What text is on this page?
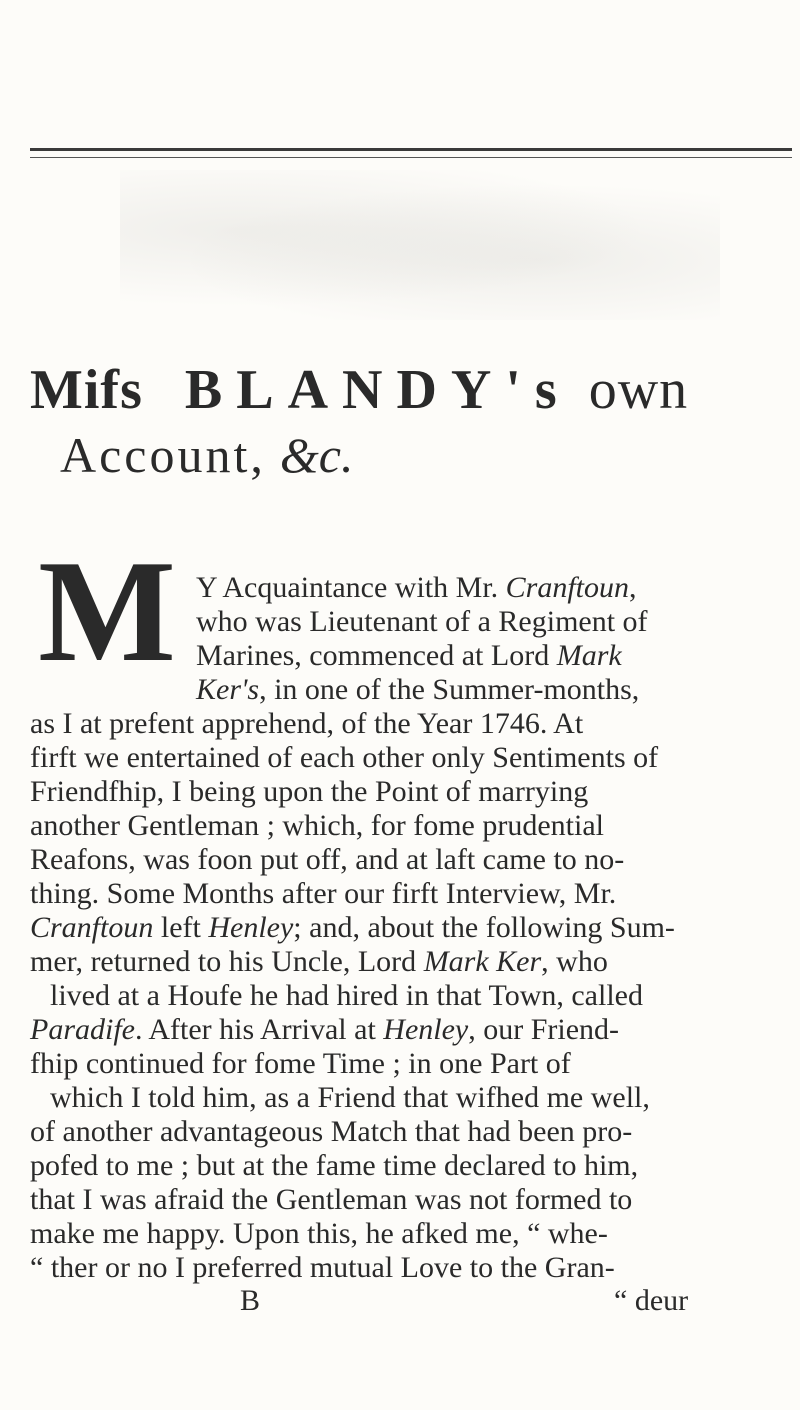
Mifs BLANDY's own
Account, &c.
M Y Acquaintance with Mr. Cranftoun,
who was Lieutenant of a Regiment of
Marines, commenced at Lord Mark
Ker's, in one of the Summer-months,
as I at prefent apprehend, of the Year 1746. At
firft we entertained of each other only Sentiments of
Friendfhip, I being upon the Point of marrying
another Gentleman ; which, for fome prudential
Reafons, was foon put off, and at laft came to no-
thing. Some Months after our firft Interview, Mr.
Cranftoun left Henley; and, about the following Sum-
mer, returned to his Uncle, Lord Mark Ker, who
lived at a Houfe he had hired in that Town, called
Paradife. After his Arrival at Henley, our Friend-
fhip continued for fome Time ; in one Part of
which I told him, as a Friend that wifhed me well,
of another advantageous Match that had been pro-
pofed to me ; but at the fame time declared to him,
that I was afraid the Gentleman was not formed to
make me happy. Upon this, he afked me, “ whe-
“ ther or no I preferred mutual Love to the Gran-
B	“ deur
